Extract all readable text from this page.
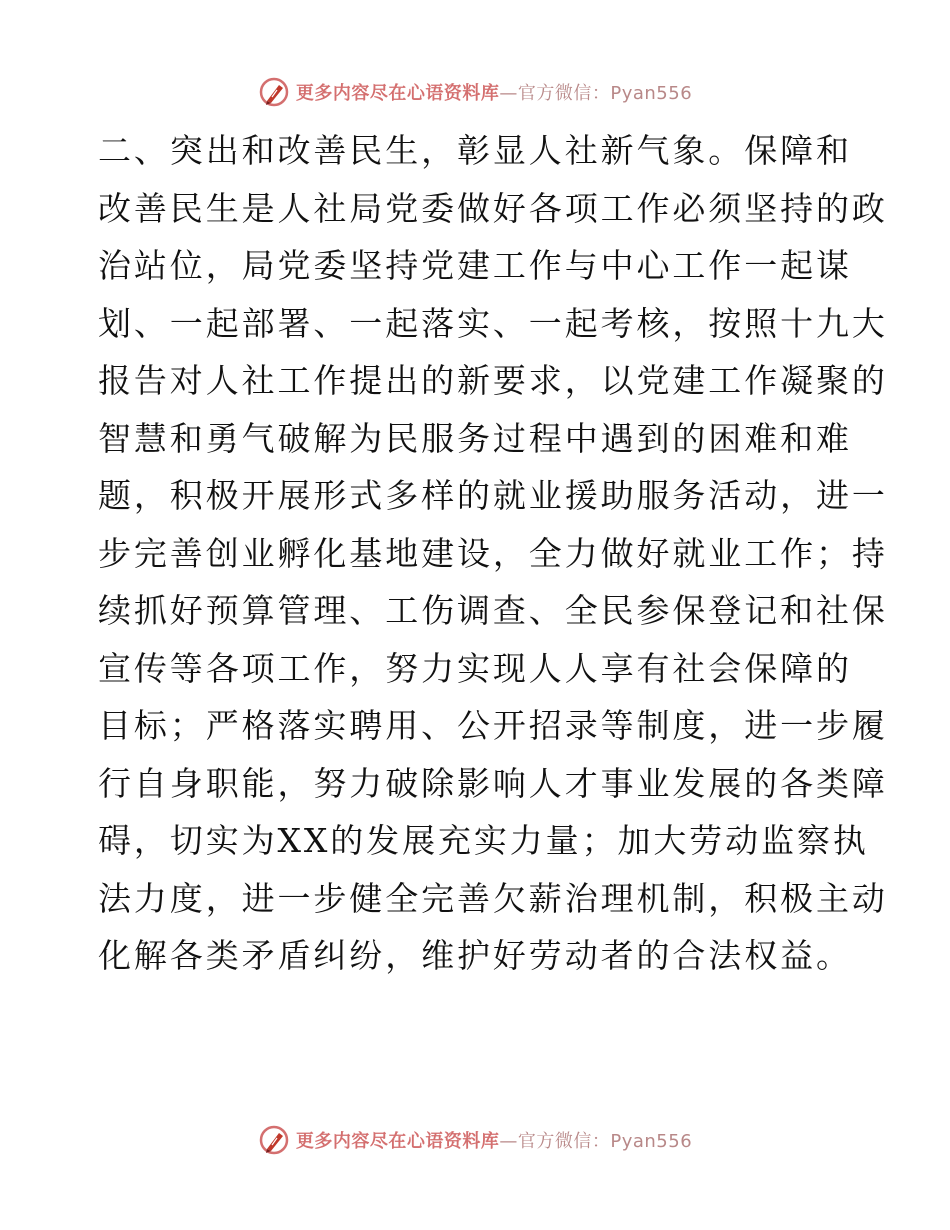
更多内容尽在心语资料库—官方微信：Pyan556
二、突出和改善民生，彰显人社新气象。保障和
改善民生是人社局党委做好各项工作必须坚持的政
治站位，局党委坚持党建工作与中心工作一起谋
划、一起部署、一起落实、一起考核，按照十九大
报告对人社工作提出的新要求，以党建工作凝聚的
智慧和勇气破解为民服务过程中遇到的困难和难
题，积极开展形式多样的就业援助服务活动，进一
步完善创业孵化基地建设，全力做好就业工作；持
续抓好预算管理、工伤调查、全民参保登记和社保
宣传等各项工作，努力实现人人享有社会保障的
目标；严格落实聘用、公开招录等制度，进一步履
行自身职能，努力破除影响人才事业发展的各类障
碍，切实为XX的发展充实力量；加大劳动监察执
法力度，进一步健全完善欠薪治理机制，积极主动
化解各类矛盾纠纷，维护好劳动者的合法权益。
更多内容尽在心语资料库—官方微信：Pyan556
